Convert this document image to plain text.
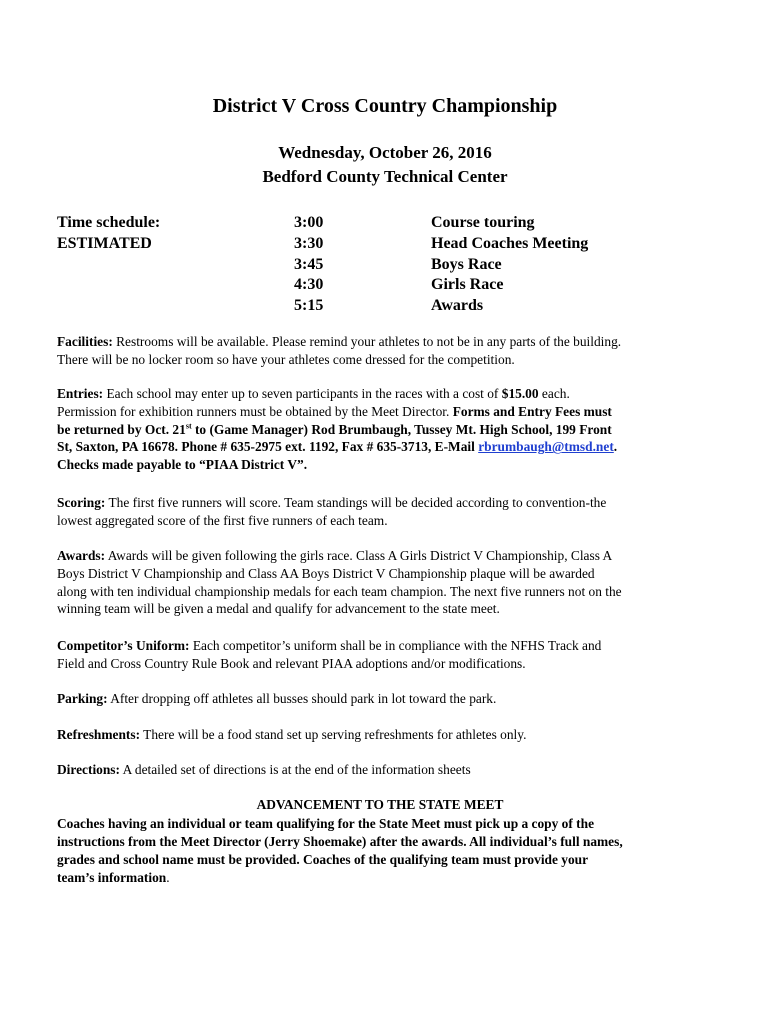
District V Cross Country Championship
Wednesday, October 26, 2016
Bedford County Technical Center
Time schedule:
ESTIMATED
3:00
3:30
3:45
4:30
5:15
Course touring
Head Coaches Meeting
Boys Race
Girls Race
Awards
Facilities: Restrooms will be available. Please remind your athletes to not be in any parts of the building.
There will be no locker room so have your athletes come dressed for the competition.
Entries: Each school may enter up to seven participants in the races with a cost of $15.00 each.
Permission for exhibition runners must be obtained by the Meet Director. Forms and Entry Fees must
be returned by Oct. 21st to (Game Manager) Rod Brumbaugh, Tussey Mt. High School, 199 Front
St, Saxton, PA 16678. Phone # 635-2975 ext. 1192, Fax # 635-3713, E-Mail rbrumbaugh@tmsd.net.
Checks made payable to “PIAA District V”.
Scoring: The first five runners will score. Team standings will be decided according to convention-the
lowest aggregated score of the first five runners of each team.
Awards: Awards will be given following the girls race. Class A Girls District V Championship, Class A
Boys District V Championship and Class AA Boys District V Championship plaque will be awarded
along with ten individual championship medals for each team champion. The next five runners not on the
winning team will be given a medal and qualify for advancement to the state meet.
Competitor’s Uniform: Each competitor’s uniform shall be in compliance with the NFHS Track and
Field and Cross Country Rule Book and relevant PIAA adoptions and/or modifications.
Parking: After dropping off athletes all busses should park in lot toward the park.
Refreshments: There will be a food stand set up serving refreshments for athletes only.
Directions: A detailed set of directions is at the end of the information sheets
ADVANCEMENT TO THE STATE MEET
Coaches having an individual or team qualifying for the State Meet must pick up a copy of the
instructions from the Meet Director (Jerry Shoemake) after the awards. All individual’s full names,
grades and school name must be provided. Coaches of the qualifying team must provide your
team’s information.
